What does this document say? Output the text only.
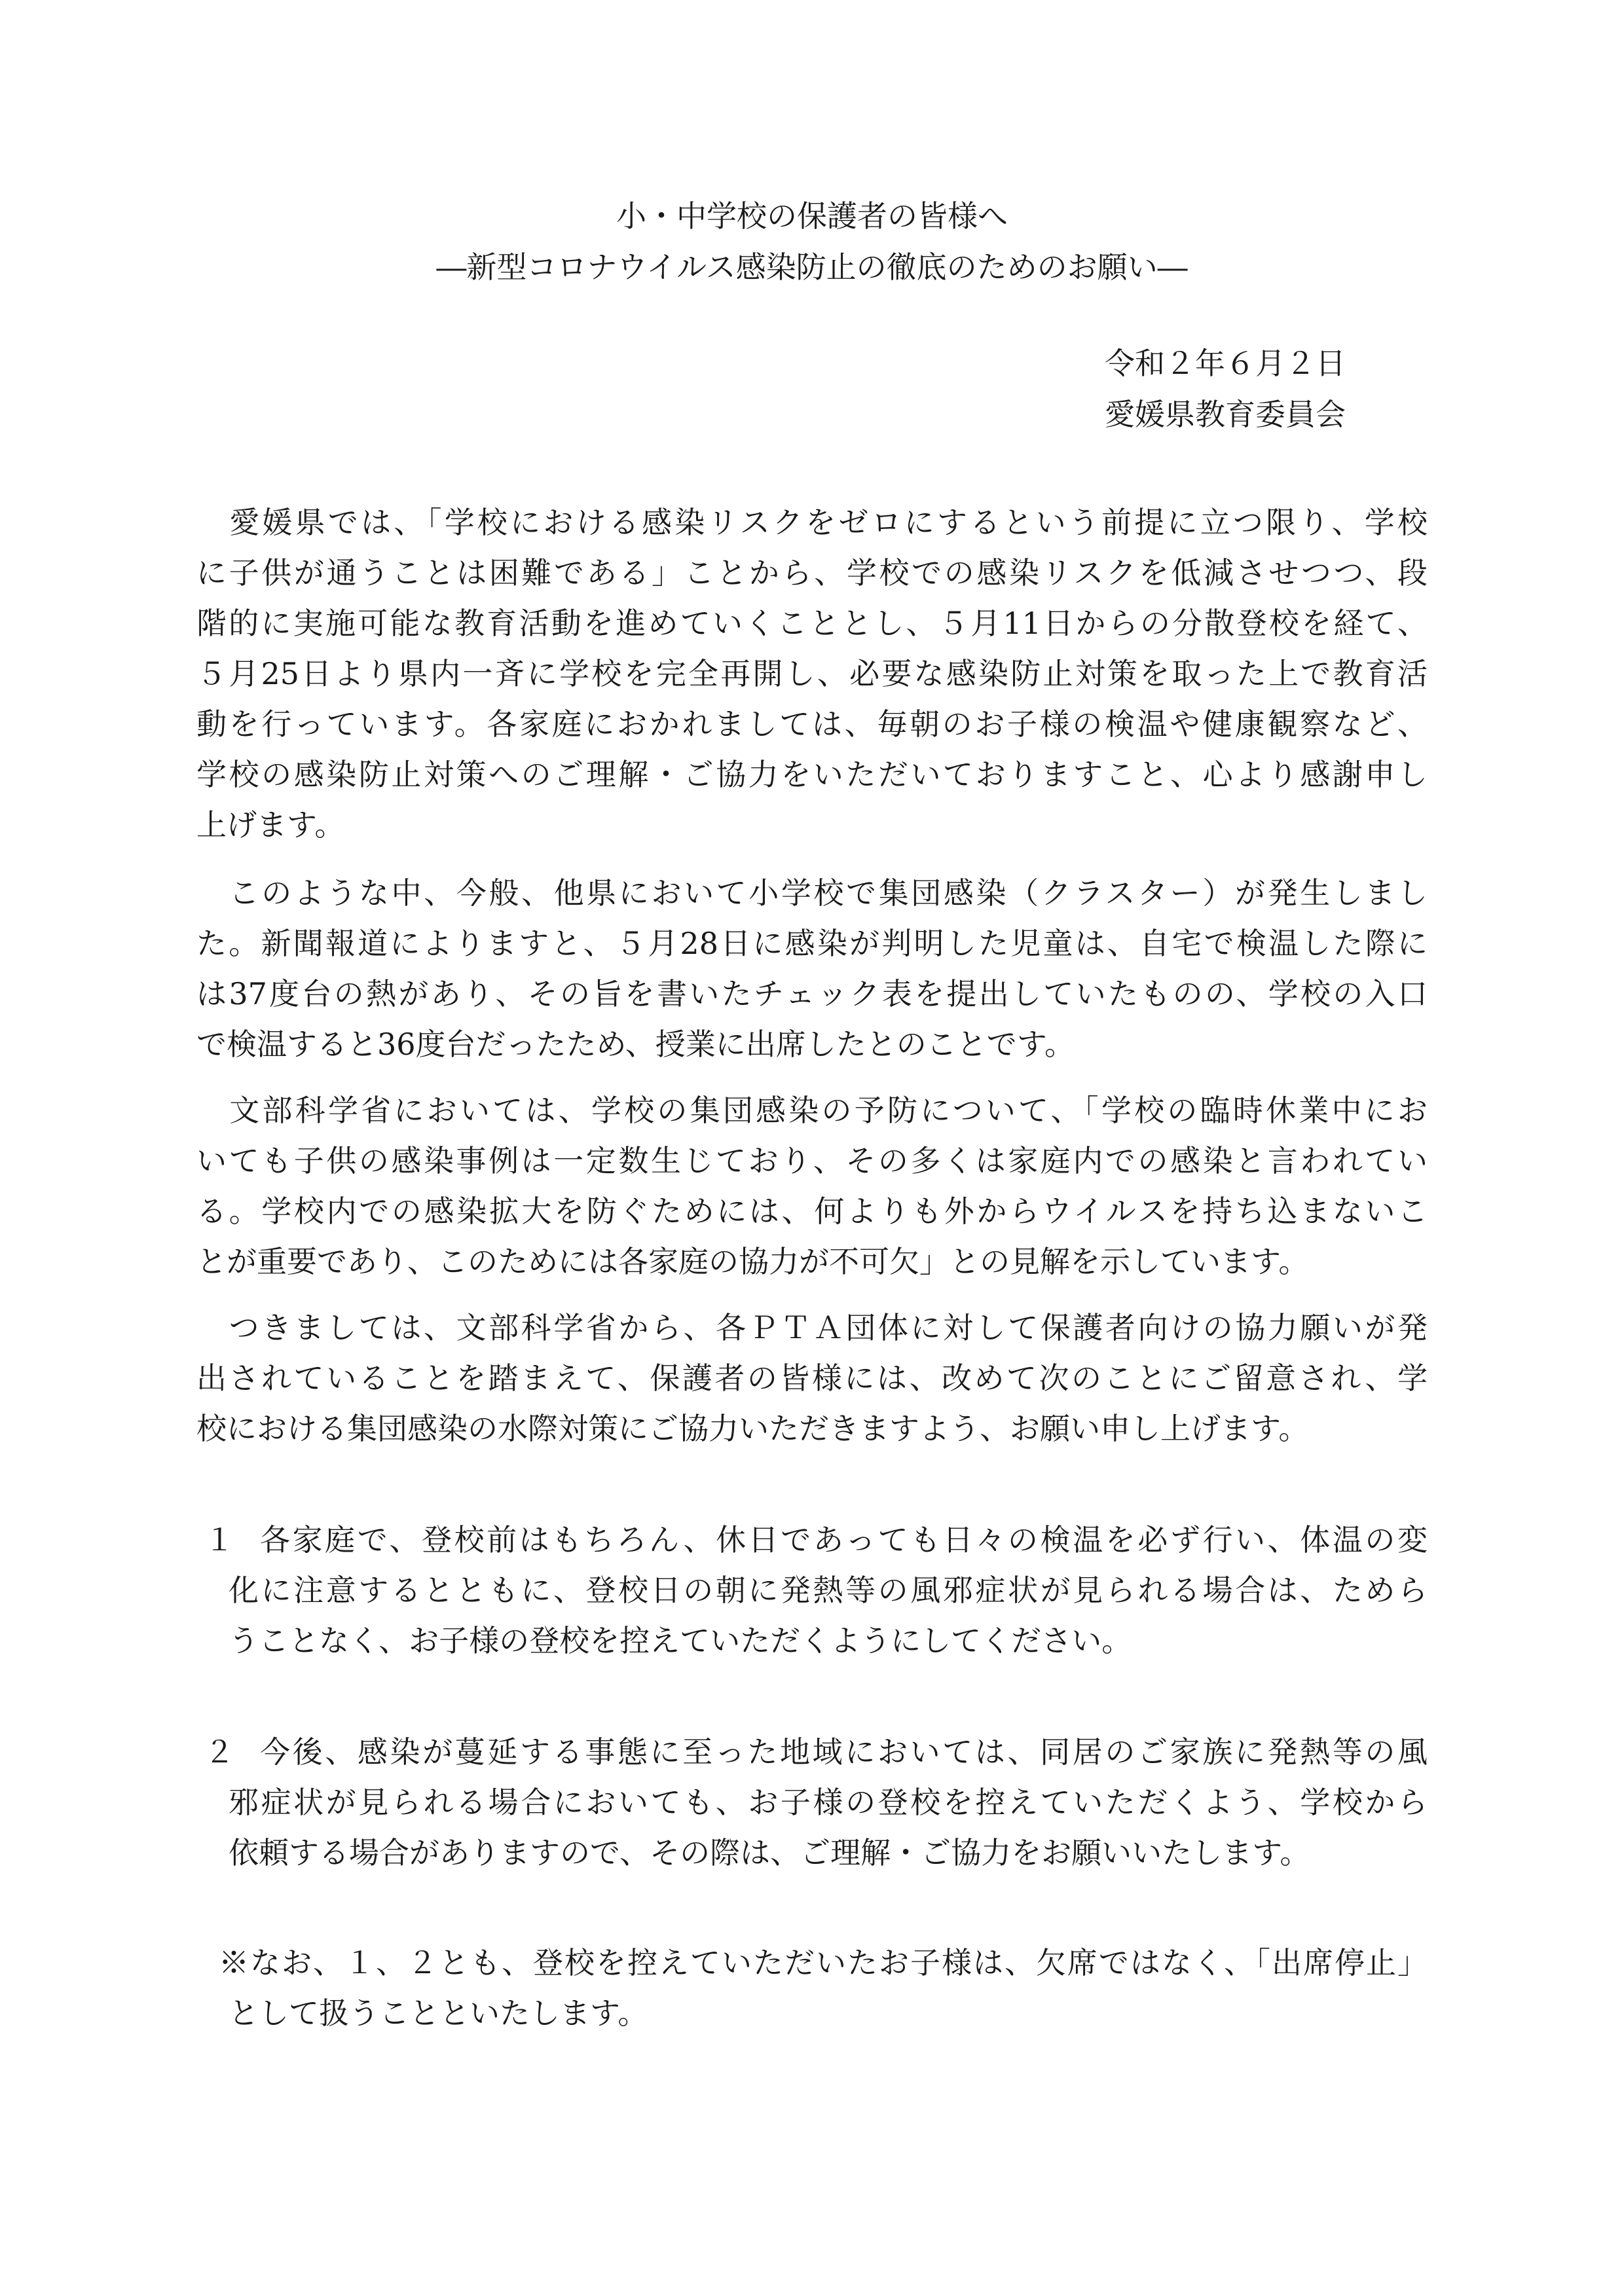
小・中学校の保護者の皆様へ
―新型コロナウイルス感染防止の徹底のためのお願い―
令和２年６月２日
愛媛県教育委員会
　愛媛県では、「学校における感染リスクをゼロにするという前提に立つ限り、学校
に子供が通うことは困難である」ことから、学校での感染リスクを低減させつつ、段
階的に実施可能な教育活動を進めていくこととし、５月11日からの分散登校を経て、
５月25日より県内一斉に学校を完全再開し、必要な感染防止対策を取った上で教育活
動を行っています。各家庭におかれましては、毎朝のお子様の検温や健康観察など、
学校の感染防止対策へのご理解・ご協力をいただいておりますこと、心より感謝申し
上げます。
　このような中、今般、他県において小学校で集団感染（クラスター）が発生しまし
た。新聞報道によりますと、５月28日に感染が判明した児童は、自宅で検温した際に
は37度台の熱があり、その旨を書いたチェック表を提出していたものの、学校の入口
で検温すると36度台だったため、授業に出席したとのことです。
　文部科学省においては、学校の集団感染の予防について、「学校の臨時休業中にお
いても子供の感染事例は一定数生じており、その多くは家庭内での感染と言われてい
る。学校内での感染拡大を防ぐためには、何よりも外からウイルスを持ち込まないこ
とが重要であり、このためには各家庭の協力が不可欠」との見解を示しています。
　つきましては、文部科学省から、各ＰＴＡ団体に対して保護者向けの協力願いが発
出されていることを踏まえて、保護者の皆様には、改めて次のことにご留意され、学
校における集団感染の水際対策にご協力いただきますよう、お願い申し上げます。
１ 各家庭で、登校前はもちろん、休日であっても日々の検温を必ず行い、体温の変
化に注意するとともに、登校日の朝に発熱等の風邪症状が見られる場合は、ためら
うことなく、お子様の登校を控えていただくようにしてください。
２ 今後、感染が蔓延する事態に至った地域においては、同居のご家族に発熱等の風
邪症状が見られる場合においても、お子様の登校を控えていただくよう、学校から
依頼する場合がありますので、その際は、ご理解・ご協力をお願いいたします。
※なお、１、２とも、登校を控えていただいたお子様は、欠席ではなく、「出席停止」
として扱うことといたします。
